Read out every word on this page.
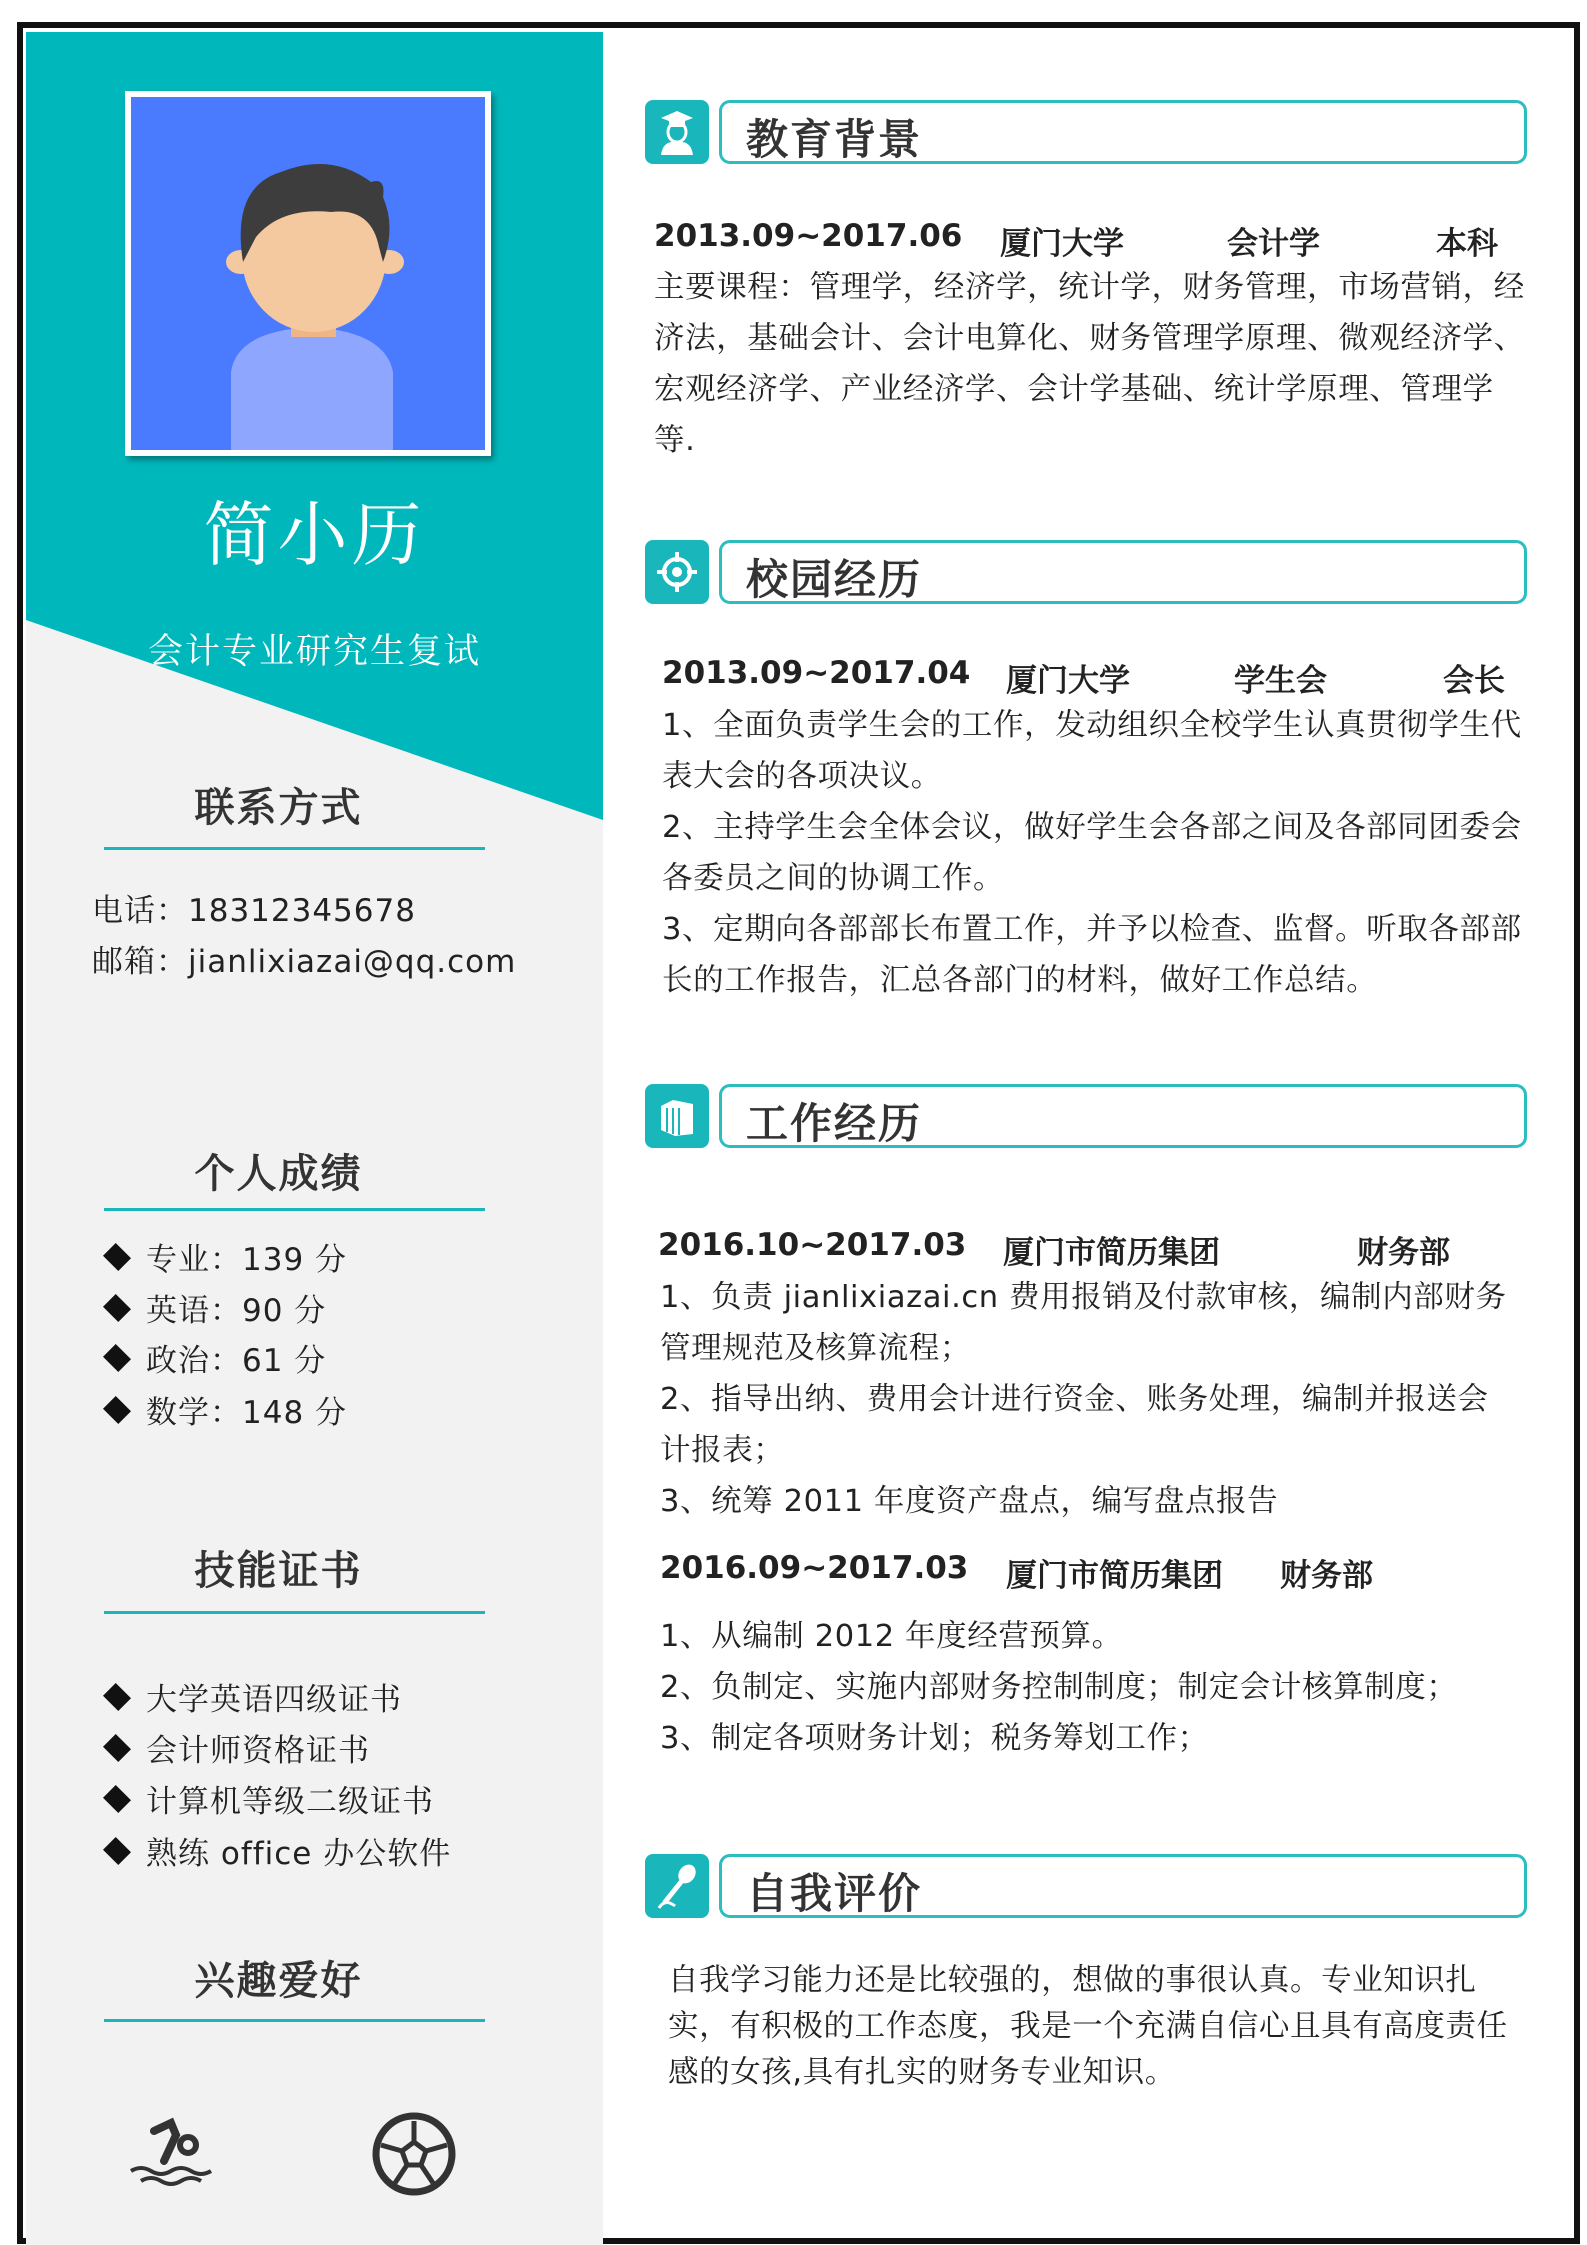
简小历
会计专业研究生复试
联系方式
电话：18312345678
邮箱：jianlixiazai@qq.com
个人成绩
专业：139 分
英语：90 分
政治：61 分
数学：148 分
技能证书
大学英语四级证书
会计师资格证书
计算机等级二级证书
熟练 office 办公软件
兴趣爱好
教育背景
2013.09~2017.06 厦门大学	会计学	本科
主要课程：管理学，经济学，统计学，财务管理，市场营销，经济法，基础会计、会计电算化、财务管理学原理、微观经济学、宏观经济学、产业经济学、会计学基础、统计学原理、管理学等.
校园经历
2013.09~2017.04 厦门大学	学生会	会长
1、全面负责学生会的工作，发动组织全校学生认真贯彻学生代表大会的各项决议。
2、主持学生会全体会议，做好学生会各部之间及各部同团委会各委员之间的协调工作。
3、定期向各部部长布置工作，并予以检查、监督。听取各部部长的工作报告，汇总各部门的材料，做好工作总结。
工作经历
2016.10~2017.03 厦门市简历集团	财务部
1、负责 jianlixiazai.cn 费用报销及付款审核，编制内部财务管理规范及核算流程；
2、指导出纳、费用会计进行资金、账务处理，编制并报送会计报表；
3、统筹 2011 年度资产盘点，编写盘点报告
2016.09~2017.03 厦门市简历集团 财务部
1、从编制 2012 年度经营预算。
2、负制定、实施内部财务控制制度；制定会计核算制度；
3、制定各项财务计划；税务筹划工作；
自我评价
自我学习能力还是比较强的，想做的事很认真。专业知识扎实，有积极的工作态度，我是一个充满自信心且具有高度责任感的女孩,具有扎实的财务专业知识。
